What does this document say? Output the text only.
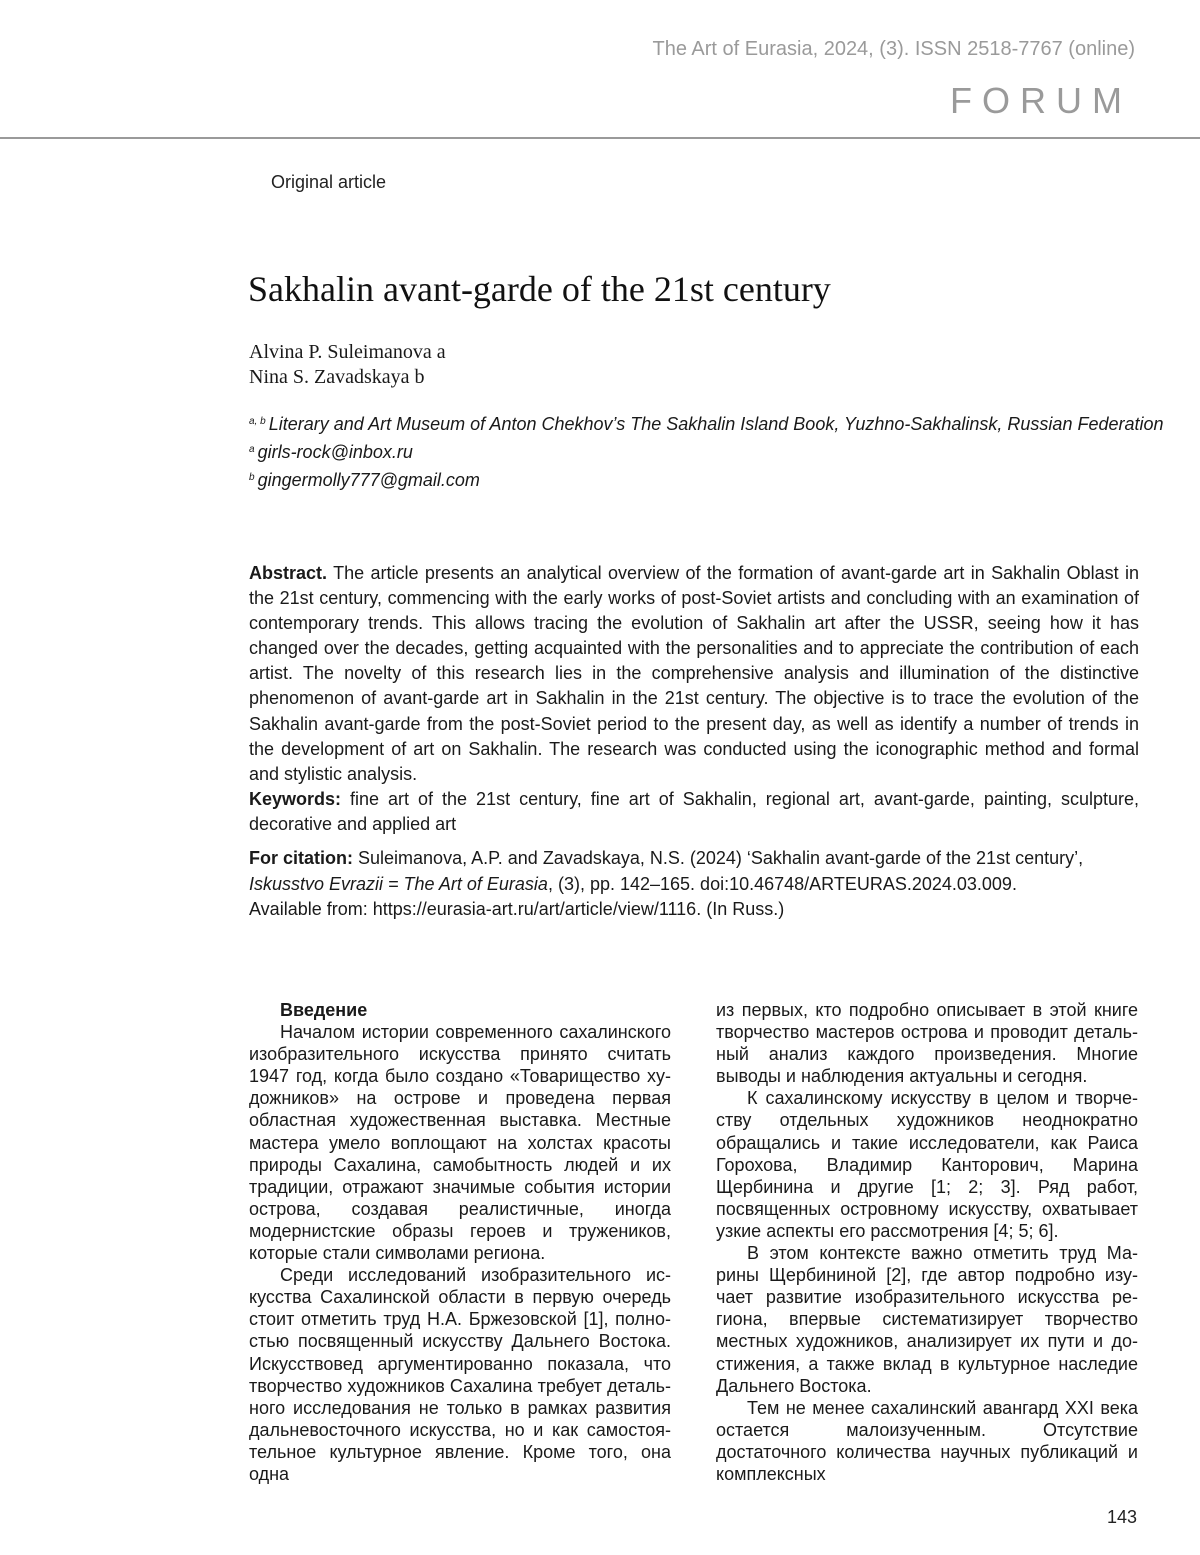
The Art of Eurasia, 2024, (3). ISSN 2518-7767 (online)
FORUM
Original article
Sakhalin avant-garde of the 21st century
Alvina P. Suleimanova a
Nina S. Zavadskaya b
$^{a, b}$ Literary and Art Museum of Anton Chekhov’s The Sakhalin Island Book, Yuzhno-Sakhalinsk, Russian Federation
$^a$ girls-rock@inbox.ru
$^b$ gingermolly777@gmail.com

Abstract. The article presents an analytical overview of the formation of avant-garde art in Sakhalin Oblast in the 21st century, commencing with the early works of post-Soviet artists and concluding with an examination of contemporary trends. This allows tracing the evolution of Sakhalin art after the USSR, seeing how it has changed over the decades, getting acquainted with the personalities and to appreciate the contribution of each artist. The novelty of this research lies in the comprehensive analysis and illumination of the distinctive phenomenon of avant-garde art in Sakhalin in the 21st century. The objective is to trace the evolution of the Sakhalin avant-garde from the post-Soviet period to the present day, as well as identify a number of trends in the development of art on Sakhalin. The research was conducted using the iconographic method and formal and stylistic analysis.
Keywords: fine art of the 21st century, fine art of Sakhalin, regional art, avant-garde, painting, sculpture, decorative and applied art

For citation: Suleimanova, A.P. and Zavadskaya, N.S. (2024) ‘Sakhalin avant-garde of the 21st century’,
Iskusstvo Evrazii = The Art of Eurasia, (3), pp. 142–165. doi:10.46748/ARTEURAS.2024.03.009.
Available from: https://eurasia-art.ru/art/article/view/1116. (In Russ.)

Введение

Началом истории современного сахалинского изобразительного искусства принято считать 1947 год, когда было создано «Товарищество художников» на острове и проведена первая областная художественная выставка. Местные мастера умело воплощают на холстах красоты природы Сахалина, самобытность людей и их традиции, отражают значимые события истории острова, создавая реалистичные, иногда модернистские образы героев и тружеников, которые стали символами региона.

Среди исследований изобразительного искусства Сахалинской области в первую очередь стоит отметить труд Н.А. Бржезовской [1], полностью посвященный искусству Дальнего Востока. Искусствовед аргументированно показала, что творчество художников Сахалина требует детального исследования не только в рамках развития дальневосточного искусства, но и как самостоятельное культурное явление. Кроме того, она одна

из первых, кто подробно описывает в этой книге творчество мастеров острова и проводит детальный анализ каждого произведения. Многие выводы и наблюдения актуальны и сегодня.

К сахалинскому искусству в целом и творчеству отдельных художников неоднократно обращались и такие исследователи, как Раиса Горохова, Владимир Канторович, Марина Щербинина и другие [1; 2; 3]. Ряд работ, посвященных островному искусству, охватывает узкие аспекты его рассмотрения [4; 5; 6].

В этом контексте важно отметить труд Марины Щербининой [2], где автор подробно изучает развитие изобразительного искусства региона, впервые систематизирует творчество местных художников, анализирует их пути и достижения, а также вклад в культурное наследие Дальнего Востока.

Тем не менее сахалинский авангард XXI века остается малоизученным. Отсутствие достаточного количества научных публикаций и комплексных

143
